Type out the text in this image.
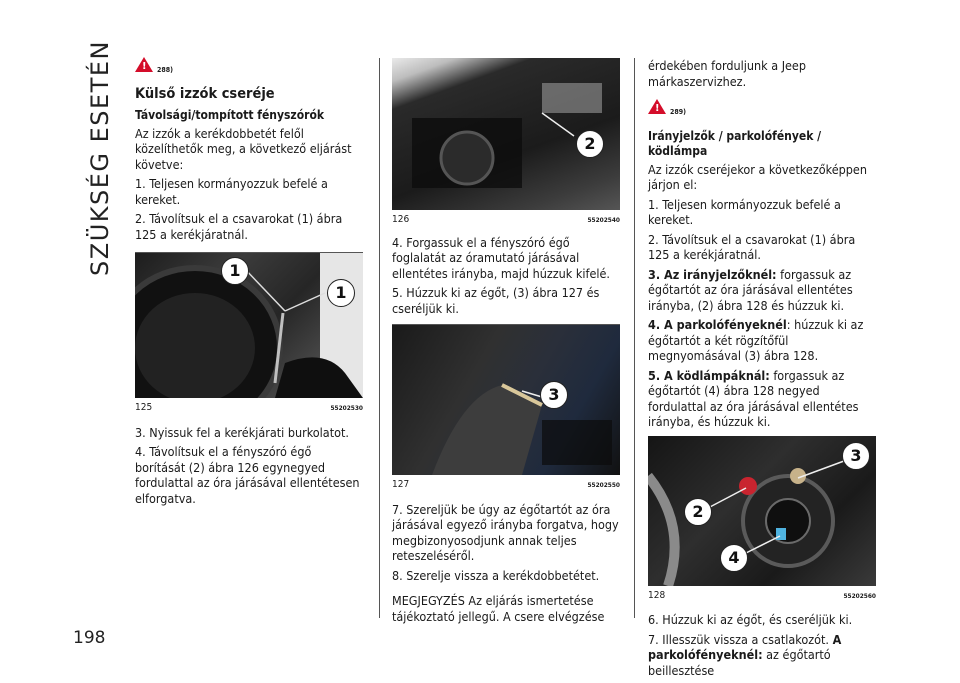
SZÜKSÉG ESETÉN
198
!
288)
Külső izzók cseréje
Távolsági/tompított fényszórók

Az izzók a kerékdobbetét felől közelíthetők meg, a következő eljárást követve:

1. Teljesen kormányozzuk befelé a kereket.

2. Távolítsuk el a csavarokat (1) ábra 125 a kerékjáratnál.

1
1
125	55202530

3. Nyissuk fel a kerékjárati burkolatot.

4. Távolítsuk el a fényszóró égő borítását (2) ábra 126 egynegyed fordulattal az óra járásával ellentétesen elforgatva.

2
126	55202540

4. Forgassuk el a fényszóró égő foglalatát az óramutató járásával ellentétes irányba, majd húzzuk kifelé.

5. Húzzuk ki az égőt, (3) ábra 127 és cseréljük ki.

3
127	55202550

7. Szereljük be úgy az égőtartót az óra járásával egyező irányba forgatva, hogy megbizonyosodjunk annak teljes reteszeléséről.

8. Szerelje vissza a kerékdobbetétet.

MEGJEGYZÉS Az eljárás ismertetése tájékoztató jellegű. A csere elvégzése

érdekében forduljunk a Jeep márkaszervizhez.

!
289)
Irányjelzők / parkolófények / ködlámpa

Az izzók cseréjekor a következőképpen járjon el:

1. Teljesen kormányozzuk befelé a kereket.

2. Távolítsuk el a csavarokat (1) ábra 125 a kerékjáratnál.

3. Az irányjelzőknél: forgassuk az égőtartót az óra járásával ellentétes irányba, (2) ábra 128 és húzzuk ki.

4. A parkolófényeknél: húzzuk ki az égőtartót a két rögzítőfül megnyomásával (3) ábra 128.

5. A ködlámpáknál: forgassuk az égőtartót (4) ábra 128 negyed fordulattal az óra járásával ellentétes irányba, és húzzuk ki.

3
2
4
128	55202560

6. Húzzuk ki az égőt, és cseréljük ki.

7. Illesszük vissza a csatlakozót. A parkolófényeknél: az égőtartó beillesztése
